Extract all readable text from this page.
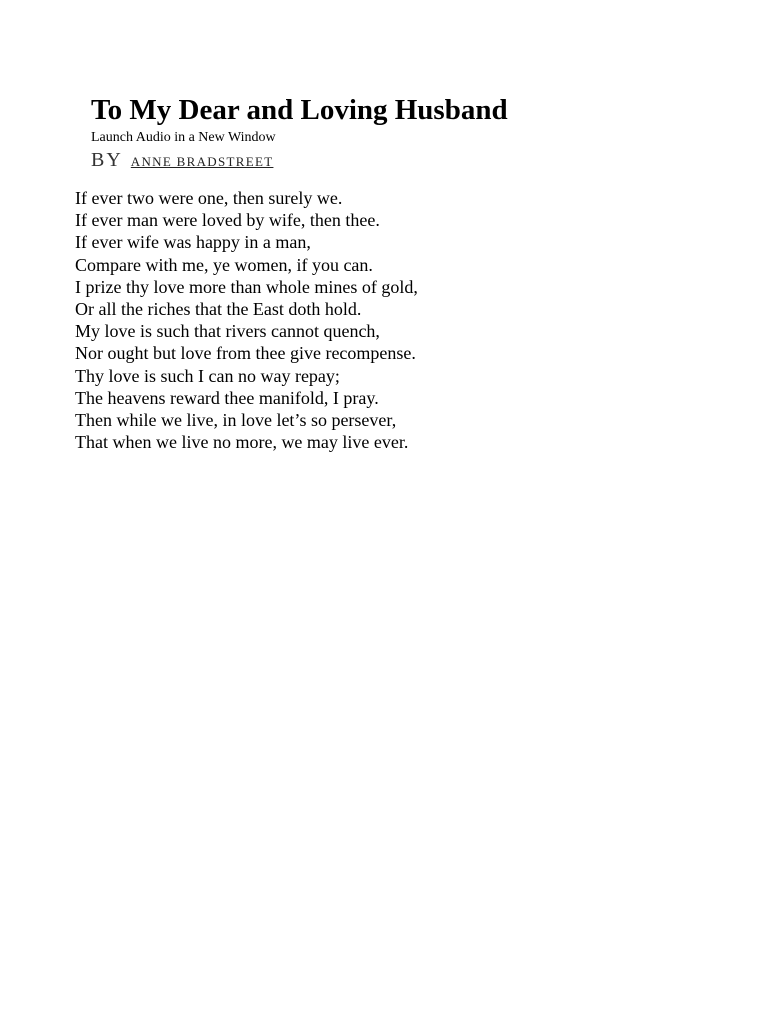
To My Dear and Loving Husband
Launch Audio in a New Window
BY ANNE BRADSTREET
If ever two were one, then surely we.
If ever man were loved by wife, then thee.
If ever wife was happy in a man,
Compare with me, ye women, if you can.
I prize thy love more than whole mines of gold,
Or all the riches that the East doth hold.
My love is such that rivers cannot quench,
Nor ought but love from thee give recompense.
Thy love is such I can no way repay;
The heavens reward thee manifold, I pray.
Then while we live, in love let’s so persever,
That when we live no more, we may live ever.
